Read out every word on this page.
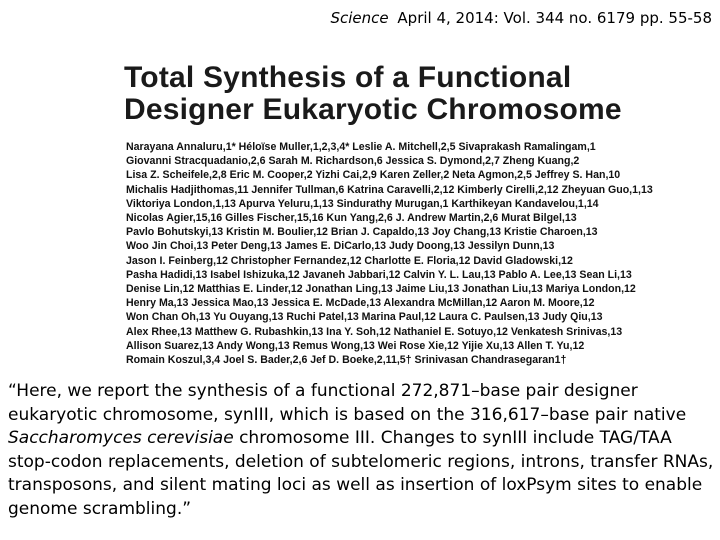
Science April 4, 2014: Vol. 344 no. 6179 pp. 55-58
Total Synthesis of a Functional
Designer Eukaryotic Chromosome
Narayana Annaluru,1* Héloïse Muller,1,2,3,4* Leslie A. Mitchell,2,5 Sivaprakash Ramalingam,1
Giovanni Stracquadanio,2,6 Sarah M. Richardson,6 Jessica S. Dymond,2,7 Zheng Kuang,2
Lisa Z. Scheifele,2,8 Eric M. Cooper,2 Yizhi Cai,2,9 Karen Zeller,2 Neta Agmon,2,5 Jeffrey S. Han,10
Michalis Hadjithomas,11 Jennifer Tullman,6 Katrina Caravelli,2,12 Kimberly Cirelli,2,12 Zheyuan Guo,1,13
Viktoriya London,1,13 Apurva Yeluru,1,13 Sindurathy Murugan,1 Karthikeyan Kandavelou,1,14
Nicolas Agier,15,16 Gilles Fischer,15,16 Kun Yang,2,6 J. Andrew Martin,2,6 Murat Bilgel,13
Pavlo Bohutskyi,13 Kristin M. Boulier,12 Brian J. Capaldo,13 Joy Chang,13 Kristie Charoen,13
Woo Jin Choi,13 Peter Deng,13 James E. DiCarlo,13 Judy Doong,13 Jessilyn Dunn,13
Jason I. Feinberg,12 Christopher Fernandez,12 Charlotte E. Floria,12 David Gladowski,12
Pasha Hadidi,13 Isabel Ishizuka,12 Javaneh Jabbari,12 Calvin Y. L. Lau,13 Pablo A. Lee,13 Sean Li,13
Denise Lin,12 Matthias E. Linder,12 Jonathan Ling,13 Jaime Liu,13 Jonathan Liu,13 Mariya London,12
Henry Ma,13 Jessica Mao,13 Jessica E. McDade,13 Alexandra McMillan,12 Aaron M. Moore,12
Won Chan Oh,13 Yu Ouyang,13 Ruchi Patel,13 Marina Paul,12 Laura C. Paulsen,13 Judy Qiu,13
Alex Rhee,13 Matthew G. Rubashkin,13 Ina Y. Soh,12 Nathaniel E. Sotuyo,12 Venkatesh Srinivas,13
Allison Suarez,13 Andy Wong,13 Remus Wong,13 Wei Rose Xie,12 Yijie Xu,13 Allen T. Yu,12
Romain Koszul,3,4 Joel S. Bader,2,6 Jef D. Boeke,2,11,5† Srinivasan Chandrasegaran1†

“Here, we report the synthesis of a functional 272,871–base pair designer eukaryotic chromosome, synIII, which is based on the 316,617–base pair native Saccharomyces cerevisiae chromosome III. Changes to synIII include TAG/TAA stop-codon replacements, deletion of subtelomeric regions, introns, transfer RNAs, transposons, and silent mating loci as well as insertion of loxPsym sites to enable genome scrambling.”
